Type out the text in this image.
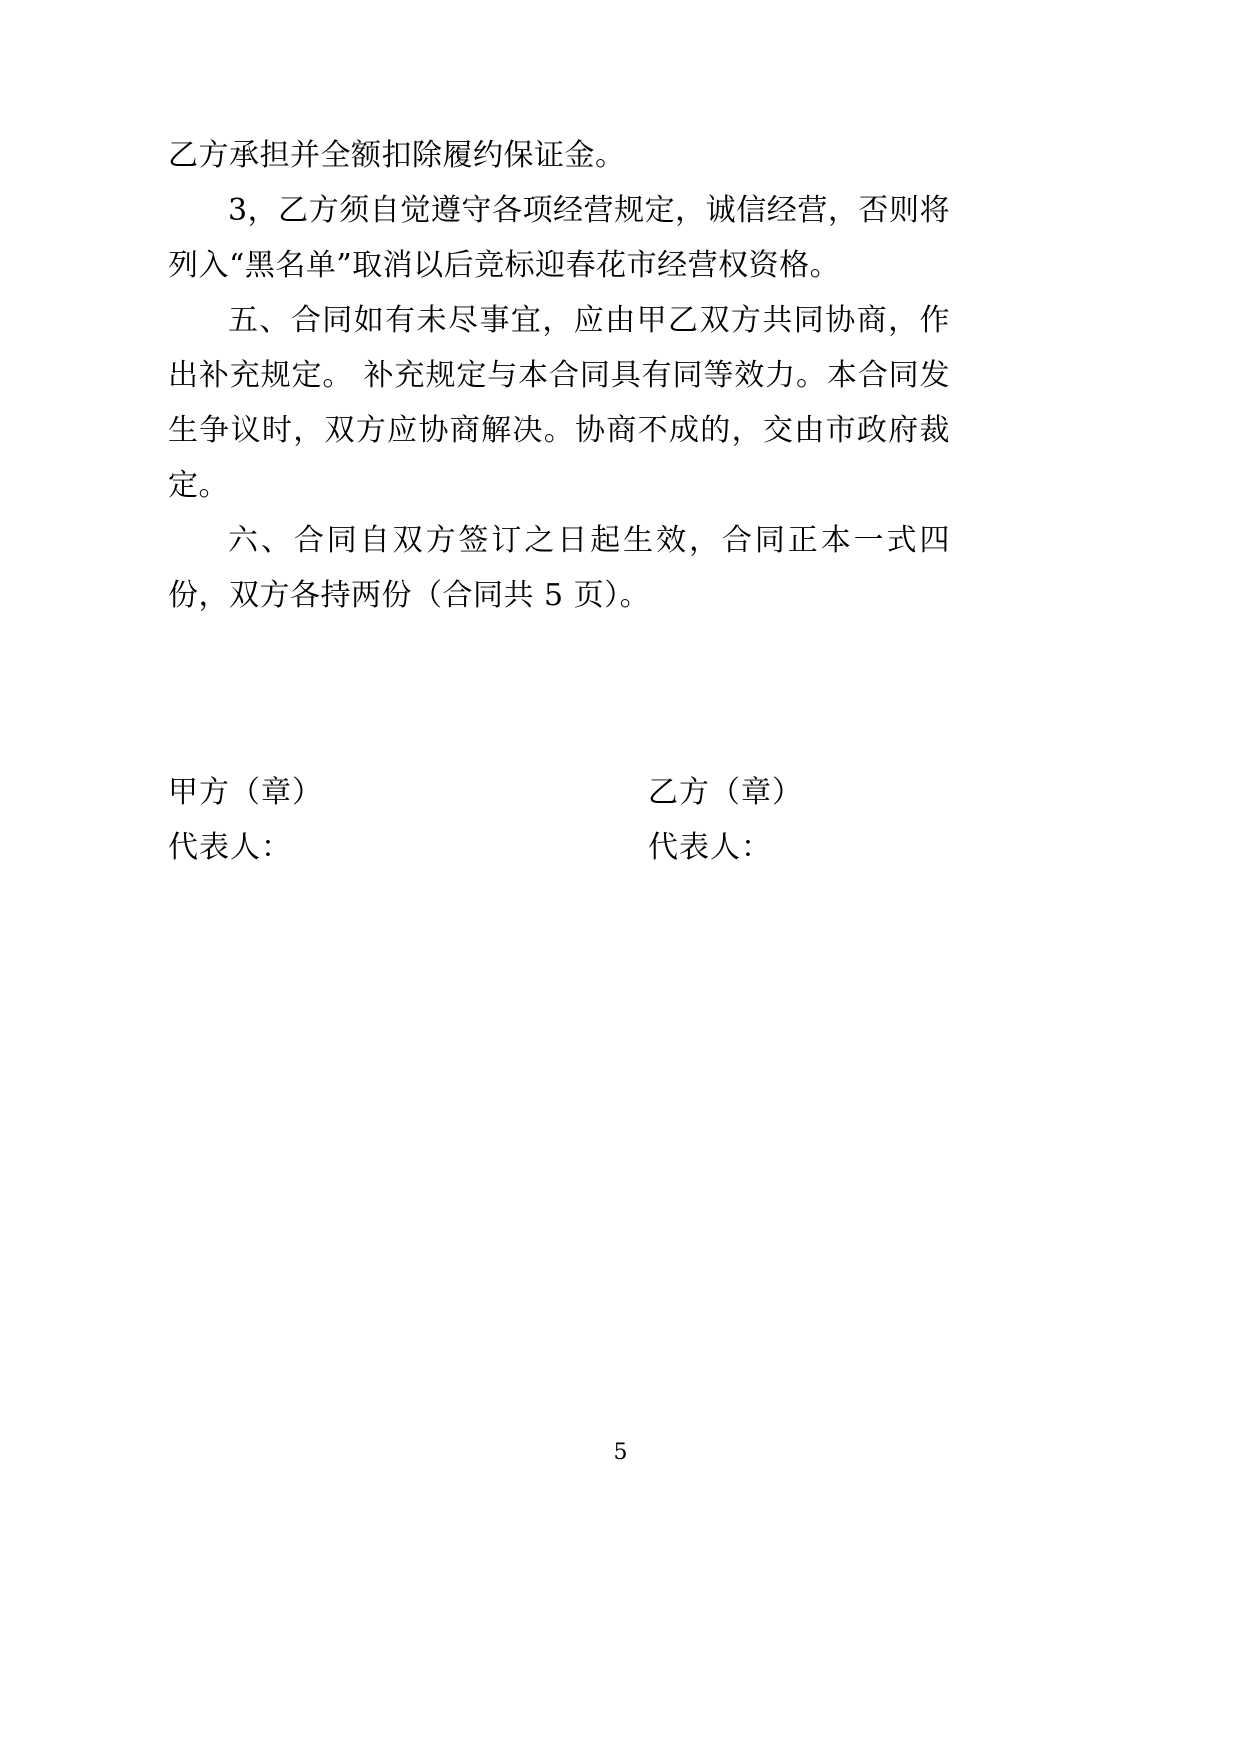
乙方承担并全额扣除履约保证金。

3，乙方须自觉遵守各项经营规定，诚信经营，否则将列入“黑名单”取消以后竞标迎春花市经营权资格。

五、合同如有未尽事宜，应由甲乙双方共同协商，作出补充规定。 补充规定与本合同具有同等效力。本合同发生争议时，双方应协商解决。协商不成的，交由市政府裁定。

六、合同自双方签订之日起生效，合同正本一式四份，双方各持两份（合同共 5 页）。

甲方（章）	乙方（章）
代表人：	代表人：
5
